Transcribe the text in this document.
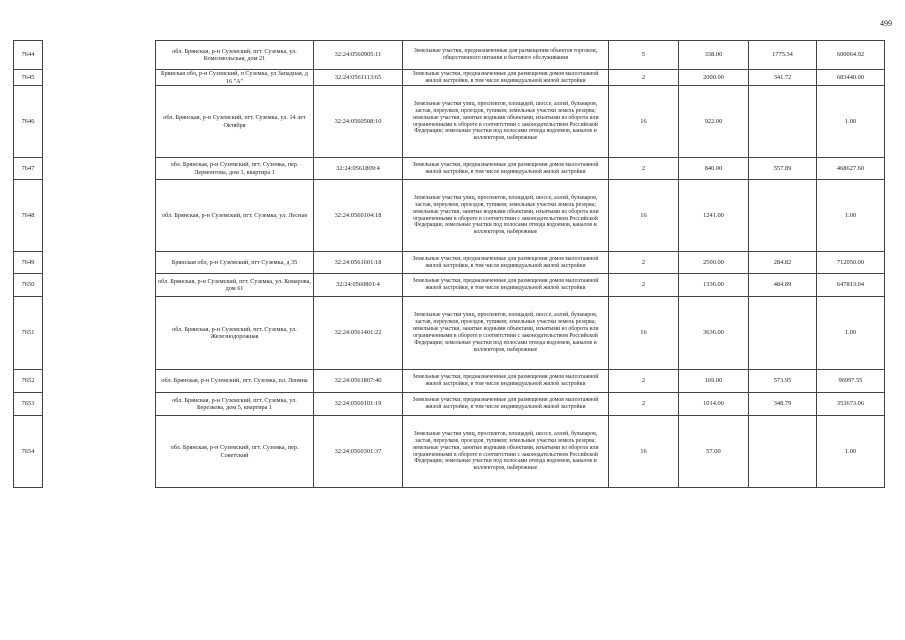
499
7644		обл. Брянская, р-н Суземский, пгт. Суземка, ул. Комсомольская, дом 21	32:24:0560905:11	Земельные участки, предназначенные для размещения объектов торговли, общественного питания и бытового обслуживания	5	338.00	1775.34	600064.92
7645		Брянская обл, р-н Суземский, п Суземка, ул Западная, д 16 "А"	32:24:0561113:65	Земельные участки, предназначенные для размещения домов малоэтажной жилой застройки, в том числе индивидуальной жилой застройки	2	2000.00	341.72	683440.00
7646		обл. Брянская, р-н Суземский, пгт. Суземка, ул. 14 лет Октября	32:24:0560508:10	Земельные участки улиц, проспектов, площадей, шоссе, аллей, бульваров, застав, переулков, проездов, тупиков; земельные участки земель резерва; земельные участки, занятые водными объектами, изъятыми из оборота или ограниченными в обороте в соответствии с законодательством Российской Федерации; земельные участки под полосами отвода водоемов, каналов и коллекторов, набережные	16	922.00		1.00
7647		обл. Брянская, р-н Суземский, пгт. Суземка, пер. Лермонтова, дом 1, квартира 1	32:24:0561809:4	Земельные участки, предназначенные для размещения домов малоэтажной жилой застройки, в том числе индивидуальной жилой застройки	2	840.00	557.89	468627.60
7648		обл. Брянская, р-н Суземский, пгт. Суземка, ул. Лесная	32:24:0560104:18	Земельные участки улиц, проспектов, площадей, шоссе, аллей, бульваров, застав, переулков, проездов, тупиков; земельные участки земель резерва; земельные участки, занятые водными объектами, изъятыми из оборота или ограниченными в обороте в соответствии с законодательством Российской Федерации; земельные участки под полосами отвода водоемов, каналов и коллекторов, набережные	16	1241.00		1.00
7649		Брянская обл, р-н Суземский, пгт Суземка, д 35	32:24:0561601:18	Земельные участки, предназначенные для размещения домов малоэтажной жилой застройки, в том числе индивидуальной жилой застройки	2	2500.00	284.82	712050.00
7650		обл. Брянская, р-н Суземский, пгт. Суземка, ул. Комарова, дом 61	32:24:0560801:4	Земельные участки, предназначенные для размещения домов малоэтажной жилой застройки, в том числе индивидуальной жилой застройки	2	1336.00	484.89	647813.04
7651		обл. Брянская, р-н Суземский, пгт. Суземка, ул. Железнодорожная	32:24:0561401:22	Земельные участки улиц, проспектов, площадей, шоссе, аллей, бульваров, застав, переулков, проездов, тупиков; земельные участки земель резерва; земельные участки, занятые водными объектами, изъятыми из оборота или ограниченными в обороте в соответствии с законодательством Российской Федерации; земельные участки под полосами отвода водоемов, каналов и коллекторов, набережные	16	3636.00		1.00
7652		обл. Брянская, р-н Суземский, пгт. Суземка, пл. Ленина	32:24:0561807:40	Земельные участки, предназначенные для размещения домов малоэтажной жилой застройки, в том числе индивидуальной жилой застройки	2	169.00	573.95	96997.55
7653		обл. Брянская, р-н Суземский, пгт. Суземка, ул. Березкова, дом 5, квартира 1	32:24:0560101:19	Земельные участки, предназначенные для размещения домов малоэтажной жилой застройки, в том числе индивидуальной жилой застройки	2	1014.00	348.79	353673.06
7654		обл. Брянская, р-н Суземский, пгт. Суземка, пер. Советский	32:24:0560301:37	Земельные участки улиц, проспектов, площадей, шоссе, аллей, бульваров, застав, переулков, проездов, тупиков; земельные участки земель резерва; земельные участки, занятые водными объектами, изъятыми из оборота или ограниченными в обороте в соответствии с законодательством Российской Федерации; земельные участки под полосами отвода водоемов, каналов и коллекторов, набережные	16	57.00		1.00
